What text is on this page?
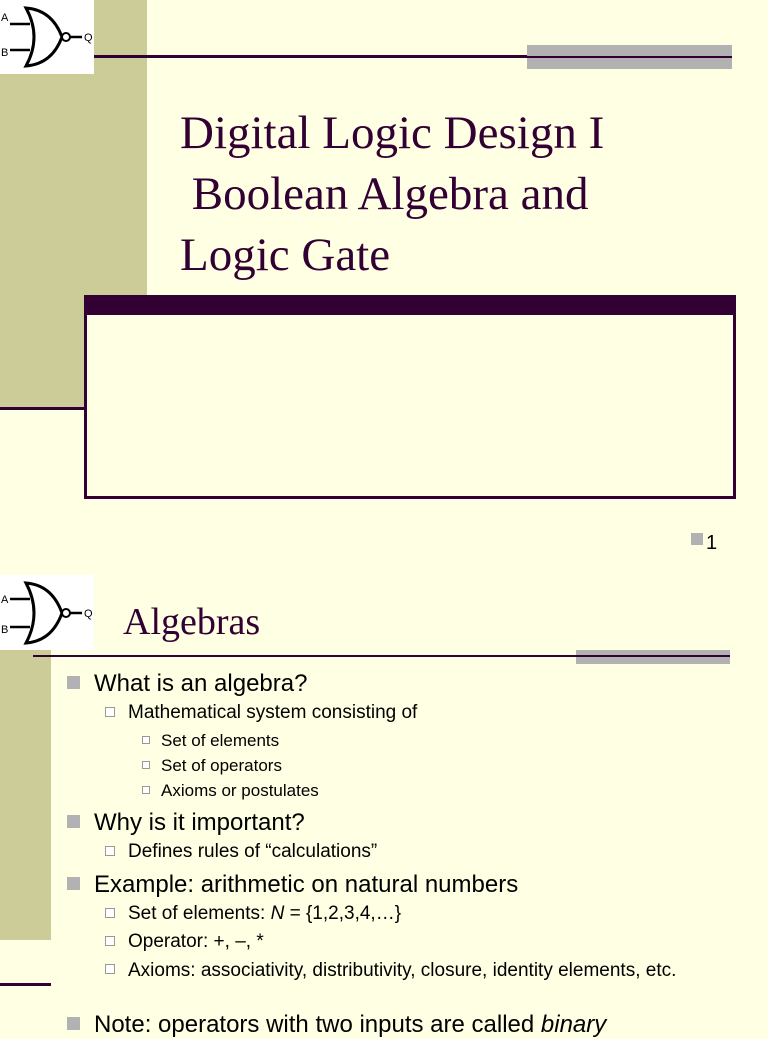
A
B
Q
Digital Logic Design I
Boolean Algebra and
Logic Gate
1
A
B
Q Algebras
What is an algebra?
Mathematical system consisting of
Set of elements
Set of operators
Axioms or postulates
Why is it important?
Defines rules of “calculations”
Example: arithmetic on natural numbers
Set of elements: N = {1,2,3,4,…}
Operator: +, –, *
Axioms: associativity, distributivity, closure, identity elements, etc.
Note: operators with two inputs are called binary
